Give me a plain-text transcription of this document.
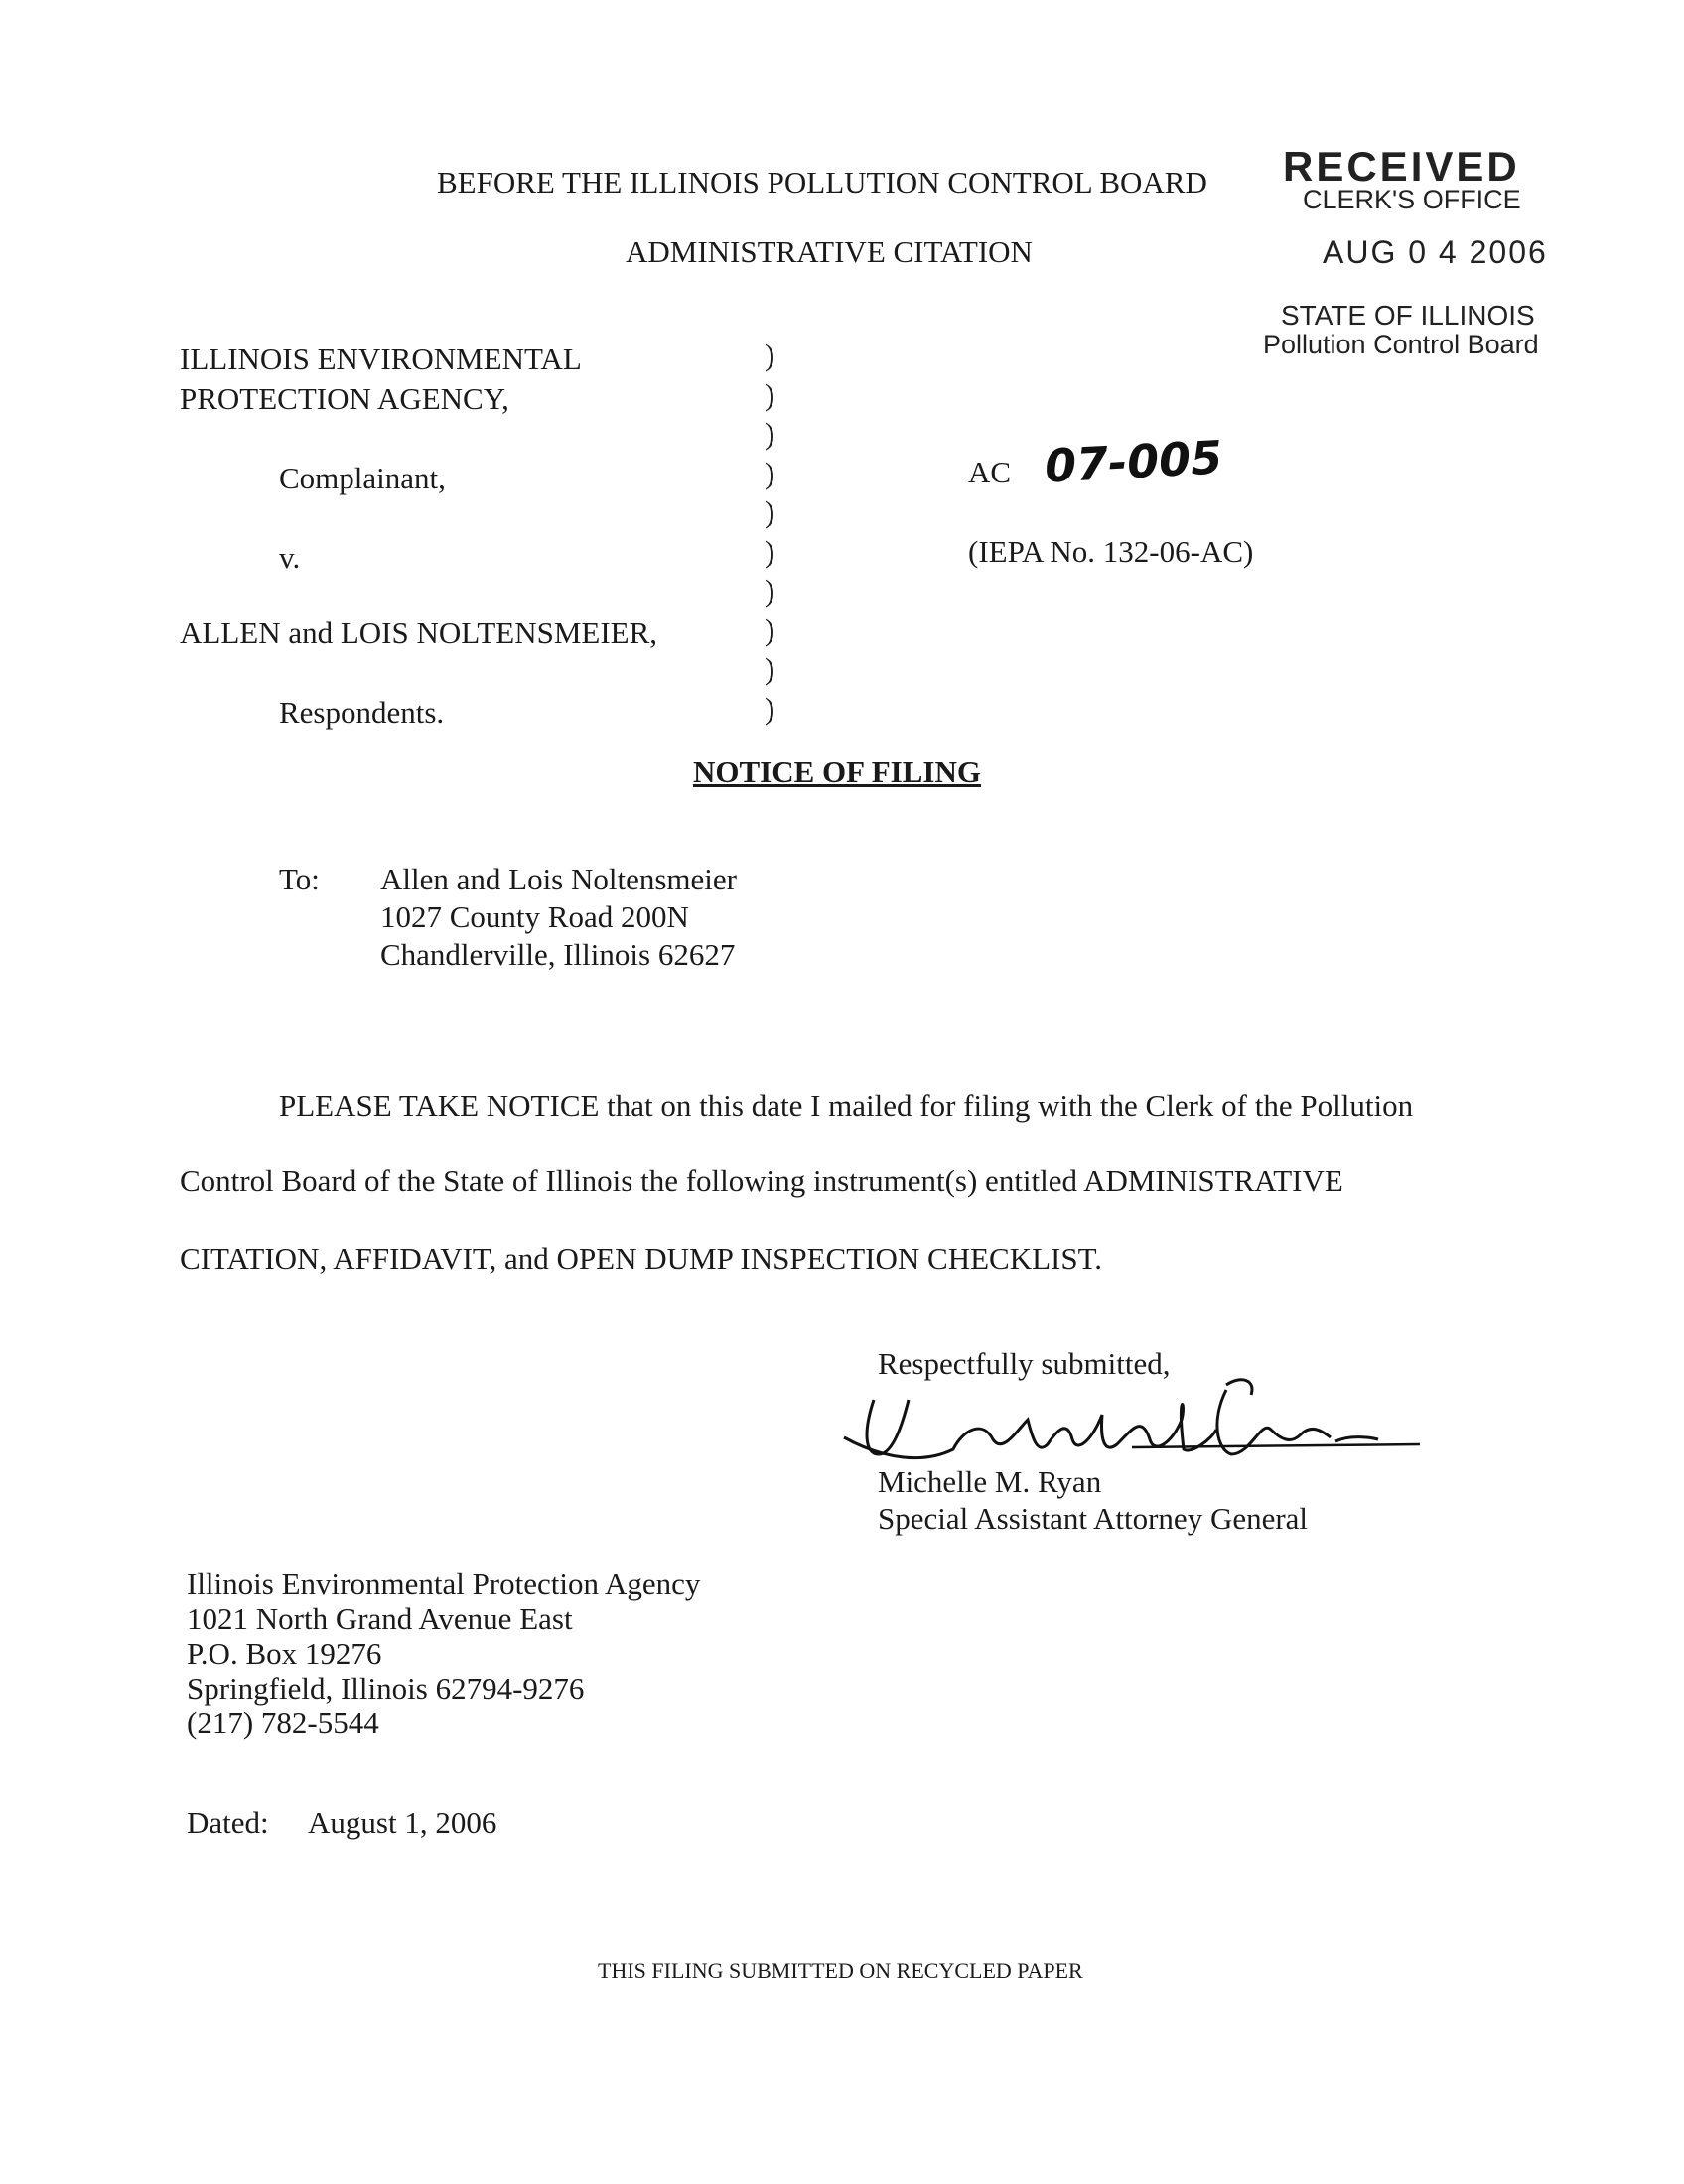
BEFORE THE ILLINOIS POLLUTION CONTROL BOARD
ADMINISTRATIVE CITATION
RECEIVED
CLERK'S OFFICE
AUG 0 4 2006
STATE OF ILLINOIS
Pollution Control Board
ILLINOIS ENVIRONMENTAL
PROTECTION AGENCY,
Complainant,
v.
ALLEN and LOIS NOLTENSMEIER,
Respondents.
)
)
)
)
)
)
)
)
)
)
AC 07-005
(IEPA No. 132-06-AC)
NOTICE OF FILING
To: Allen and Lois Noltensmeier
1027 County Road 200N
Chandlerville, Illinois 62627
PLEASE TAKE NOTICE that on this date I mailed for filing with the Clerk of the Pollution
Control Board of the State of Illinois the following instrument(s) entitled ADMINISTRATIVE
CITATION, AFFIDAVIT, and OPEN DUMP INSPECTION CHECKLIST.
Respectfully submitted,
Michelle M. Ryan
Special Assistant Attorney General
Illinois Environmental Protection Agency
1021 North Grand Avenue East
P.O. Box 19276
Springfield, Illinois 62794-9276
(217) 782-5544
Dated: August 1, 2006
THIS FILING SUBMITTED ON RECYCLED PAPER
